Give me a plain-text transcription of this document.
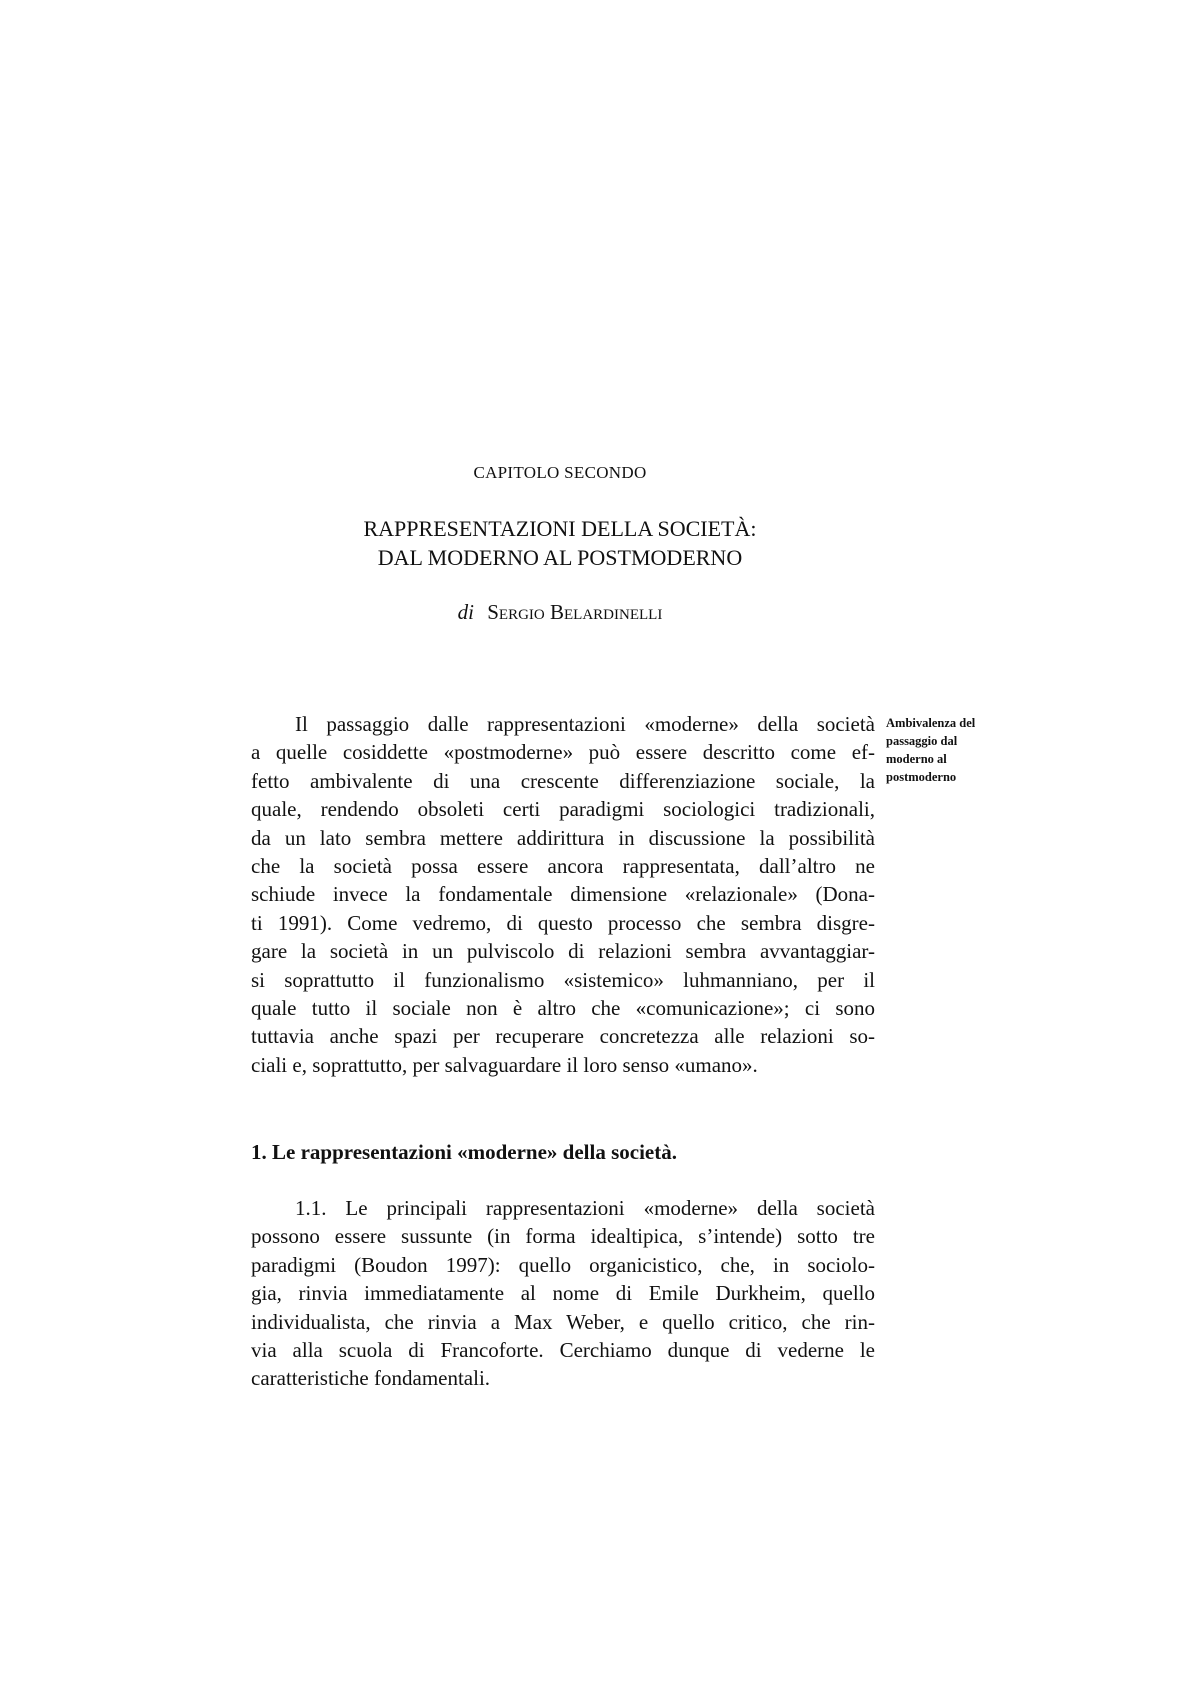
CAPITOLO SECONDO
RAPPRESENTAZIONI DELLA SOCIETÀ:
DAL MODERNO AL POSTMODERNO
di Sergio Belardinelli
Il passaggio dalle rappresentazioni «moderne» della società
a quelle cosiddette «postmoderne» può essere descritto come ef-
fetto ambivalente di una crescente differenziazione sociale, la
quale, rendendo obsoleti certi paradigmi sociologici tradizionali,
da un lato sembra mettere addirittura in discussione la possibilità
che la società possa essere ancora rappresentata, dall’altro ne
schiude invece la fondamentale dimensione «relazionale» (Dona-
ti 1991). Come vedremo, di questo processo che sembra disgre-
gare la società in un pulviscolo di relazioni sembra avvantaggiar-
si soprattutto il funzionalismo «sistemico» luhmanniano, per il
quale tutto il sociale non è altro che «comunicazione»; ci sono
tuttavia anche spazi per recuperare concretezza alle relazioni so-
ciali e, soprattutto, per salvaguardare il loro senso «umano».
Ambivalenza del
passaggio dal
moderno al
postmoderno
1. Le rappresentazioni «moderne» della società.
1.1. Le principali rappresentazioni «moderne» della società
possono essere sussunte (in forma idealtipica, s’intende) sotto tre
paradigmi (Boudon 1997): quello organicistico, che, in sociolo-
gia, rinvia immediatamente al nome di Emile Durkheim, quello
individualista, che rinvia a Max Weber, e quello critico, che rin-
via alla scuola di Francoforte. Cerchiamo dunque di vederne le
caratteristiche fondamentali.
